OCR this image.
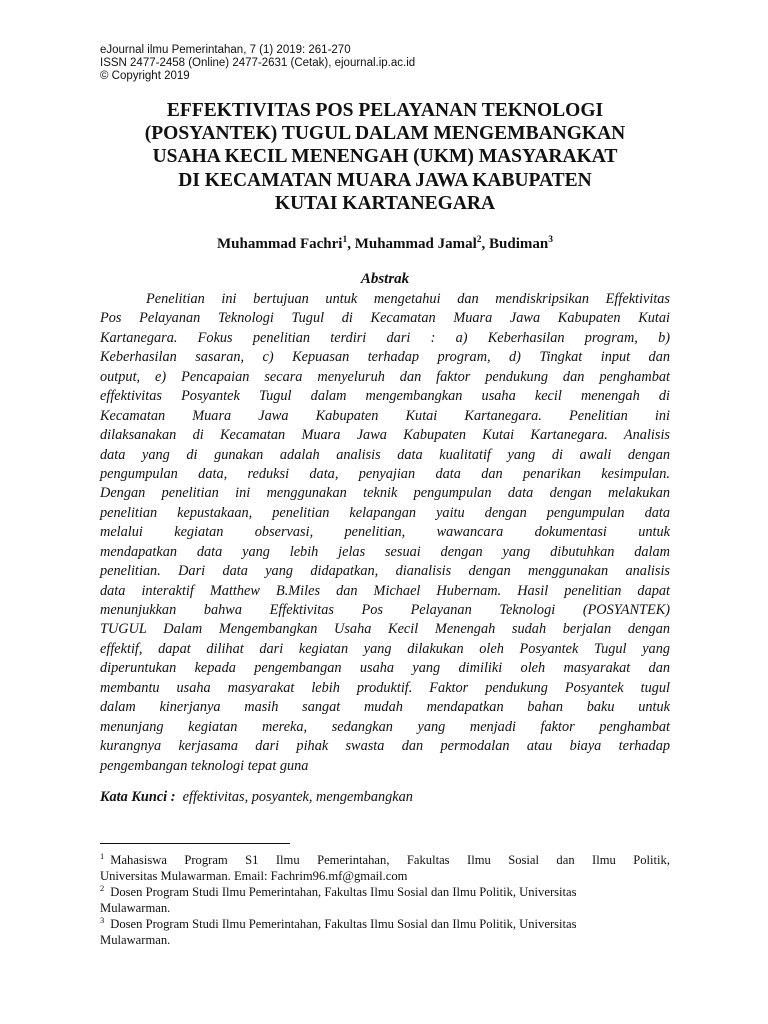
eJournal ilmu Pemerintahan, 7 (1) 2019: 261-270
ISSN 2477-2458 (Online) 2477-2631 (Cetak), ejournal.ip.ac.id
© Copyright 2019
EFFEKTIVITAS POS PELAYANAN TEKNOLOGI
(POSYANTEK) TUGUL DALAM MENGEMBANGKAN
USAHA KECIL MENENGAH (UKM) MASYARAKAT
DI KECAMATAN MUARA JAWA KABUPATEN
KUTAI KARTANEGARA
Muhammad Fachri$^1$, Muhammad Jamal$^2$, Budiman$^3$
Abstrak
Penelitian ini bertujuan untuk mengetahui dan mendiskripsikan Effektivitas
Pos Pelayanan Teknologi Tugul di Kecamatan Muara Jawa Kabupaten Kutai
Kartanegara. Fokus penelitian terdiri dari : a) Keberhasilan program, b)
Keberhasilan sasaran, c) Kepuasan terhadap program, d) Tingkat input dan
output, e) Pencapaian secara menyeluruh dan faktor pendukung dan penghambat
effektivitas Posyantek Tugul dalam mengembangkan usaha kecil menengah di
Kecamatan Muara Jawa Kabupaten Kutai Kartanegara. Penelitian ini
dilaksanakan di Kecamatan Muara Jawa Kabupaten Kutai Kartanegara. Analisis
data yang di gunakan adalah analisis data kualitatif yang di awali dengan
pengumpulan data, reduksi data, penyajian data dan penarikan kesimpulan.
Dengan penelitian ini menggunakan teknik pengumpulan data dengan melakukan
penelitian kepustakaan, penelitian kelapangan yaitu dengan pengumpulan data
melalui kegiatan observasi, penelitian, wawancara dokumentasi untuk
mendapatkan data yang lebih jelas sesuai dengan yang dibutuhkan dalam
penelitian. Dari data yang didapatkan, dianalisis dengan menggunakan analisis
data interaktif Matthew B.Miles dan Michael Hubernam. Hasil penelitian dapat
menunjukkan bahwa Effektivitas Pos Pelayanan Teknologi (POSYANTEK)
TUGUL Dalam Mengembangkan Usaha Kecil Menengah sudah berjalan dengan
effektif, dapat dilihat dari kegiatan yang dilakukan oleh Posyantek Tugul yang
diperuntukan kepada pengembangan usaha yang dimiliki oleh masyarakat dan
membantu usaha masyarakat lebih produktif. Faktor pendukung Posyantek tugul
dalam kinerjanya masih sangat mudah mendapatkan bahan baku untuk
menunjang kegiatan mereka, sedangkan yang menjadi faktor penghambat
kurangnya kerjasama dari pihak swasta dan permodalan atau biaya terhadap
pengembangan teknologi tepat guna
Kata Kunci : effektivitas, posyantek, mengembangkan
$^1$ Mahasiswa Program S1 Ilmu Pemerintahan, Fakultas Ilmu Sosial dan Ilmu Politik,
Universitas Mulawarman. Email: Fachrim96.mf@gmail.com
$^2$ Dosen Program Studi Ilmu Pemerintahan, Fakultas Ilmu Sosial dan Ilmu Politik, Universitas
Mulawarman.
$^3$ Dosen Program Studi Ilmu Pemerintahan, Fakultas Ilmu Sosial dan Ilmu Politik, Universitas
Mulawarman.
